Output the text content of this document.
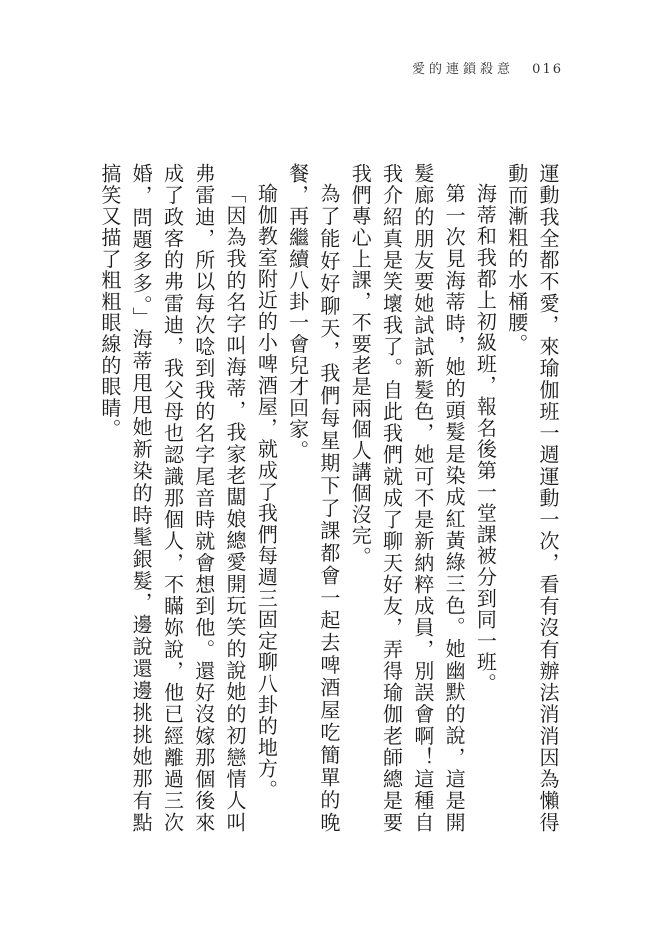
愛的連鎖殺意 016

運動我全都不愛，來瑜伽班一週運動一次，看有沒有辦法消消因為懶得動而漸粗的水桶腰。

海蒂和我都上初級班，報名後第一堂課被分到同一班。

第一次見海蒂時，她的頭髮是染成紅黃綠三色。她幽默的說，這是開髮廊的朋友要她試試新髮色，她可不是新納粹成員，別誤會啊！這種自我介紹真是笑壞我了。自此我們就成了聊天好友，弄得瑜伽老師總是要我們專心上課，不要老是兩個人講個沒完。

為了能好好聊天，我們每星期下了課都會一起去啤酒屋吃簡單的晚餐，再繼續八卦一會兒才回家。

瑜伽教室附近的小啤酒屋，就成了我們每週三固定聊八卦的地方。

「因為我的名字叫海蒂，我家老闆娘總愛開玩笑的說她的初戀情人叫弗雷迪，所以每次唸到我的名字尾音時就會想到他。還好沒嫁那個後來成了政客的弗雷迪，我父母也認識那個人，不瞞妳說，他已經離過三次婚，問題多多。」海蒂甩甩她新染的時髦銀髮，邊說還邊挑挑她那有點搞笑又描了粗粗眼線的眼睛。
